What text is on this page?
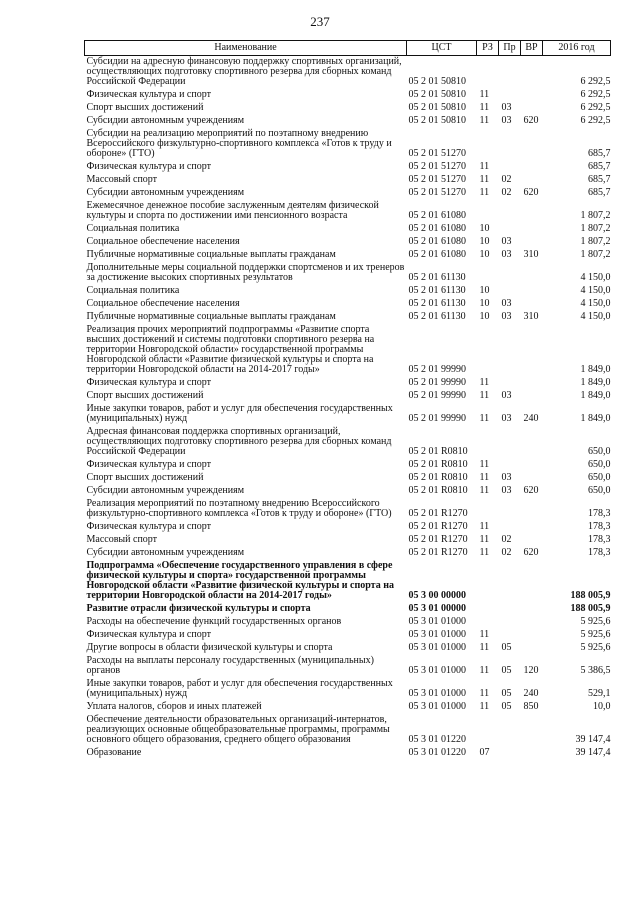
237
Наименование	ЦСТ	РЗ	Пр	ВР	2016 год
Субсидии на адресную финансовую поддержку спортивных организаций, осуществляющих подготовку спортивного резерва для сборных команд Российской Федерации	05 2 01 50810				6 292,5
Физическая культура и спорт	05 2 01 50810	11			6 292,5
Спорт высших достижений	05 2 01 50810	11	03		6 292,5
Субсидии автономным учреждениям	05 2 01 50810	11	03	620	6 292,5
Субсидии на реализацию мероприятий по поэтапному внедрению Всероссийского физкультурно-спортивного комплекса «Готов к труду и обороне» (ГТО)	05 2 01 51270				685,7
Физическая культура и спорт	05 2 01 51270	11			685,7
Массовый спорт	05 2 01 51270	11	02		685,7
Субсидии автономным учреждениям	05 2 01 51270	11	02	620	685,7
Ежемесячное денежное пособие заслуженным деятелям физической культуры и спорта по достижении ими пенсионного возраста	05 2 01 61080				1 807,2
Социальная политика	05 2 01 61080	10			1 807,2
Социальное обеспечение населения	05 2 01 61080	10	03		1 807,2
Публичные нормативные социальные выплаты гражданам	05 2 01 61080	10	03	310	1 807,2
Дополнительные меры социальной поддержки спортсменов и их тренеров за достижение высоких спортивных результатов	05 2 01 61130				4 150,0
Социальная политика	05 2 01 61130	10			4 150,0
Социальное обеспечение населения	05 2 01 61130	10	03		4 150,0
Публичные нормативные социальные выплаты гражданам	05 2 01 61130	10	03	310	4 150,0
Реализация прочих мероприятий подпрограммы «Развитие спорта высших достижений и системы подготовки спортивного резерва на территории Новгородской области» государственной программы Новгородской области «Развитие физической культуры и спорта на территории Новгородской области на 2014-2017 годы»	05 2 01 99990				1 849,0
Физическая культура и спорт	05 2 01 99990	11			1 849,0
Спорт высших достижений	05 2 01 99990	11	03		1 849,0
Иные закупки товаров, работ и услуг для обеспечения государственных (муниципальных) нужд	05 2 01 99990	11	03	240	1 849,0
Адресная финансовая поддержка спортивных организаций, осуществляющих подготовку спортивного резерва для сборных команд Российской Федерации	05 2 01 R0810				650,0
Физическая культура и спорт	05 2 01 R0810	11			650,0
Спорт высших достижений	05 2 01 R0810	11	03		650,0
Субсидии автономным учреждениям	05 2 01 R0810	11	03	620	650,0
Реализация мероприятий по поэтапному внедрению Всероссийского физкультурно-спортивного комплекса «Готов к труду и обороне» (ГТО)	05 2 01 R1270				178,3
Физическая культура и спорт	05 2 01 R1270	11			178,3
Массовый спорт	05 2 01 R1270	11	02		178,3
Субсидии автономным учреждениям	05 2 01 R1270	11	02	620	178,3
Подпрограмма «Обеспечение государственного управления в сфере физической культуры и спорта» государственной программы Новгородской области «Развитие физической культуры и спорта на территории Новгородской области на 2014-2017 годы»	05 3 00 00000				188 005,9
Развитие отрасли физической культуры и спорта	05 3 01 00000				188 005,9
Расходы на обеспечение функций государственных органов	05 3 01 01000				5 925,6
Физическая культура и спорт	05 3 01 01000	11			5 925,6
Другие вопросы в области физической культуры и спорта	05 3 01 01000	11	05		5 925,6
Расходы на выплаты персоналу государственных (муниципальных) органов	05 3 01 01000	11	05	120	5 386,5
Иные закупки товаров, работ и услуг для обеспечения государственных (муниципальных) нужд	05 3 01 01000	11	05	240	529,1
Уплата налогов, сборов и иных платежей	05 3 01 01000	11	05	850	10,0
Обеспечение деятельности образовательных организаций-интернатов, реализующих основные общеобразовательные программы, программы основного общего образования, среднего общего образования	05 3 01 01220				39 147,4
Образование	05 3 01 01220	07			39 147,4
